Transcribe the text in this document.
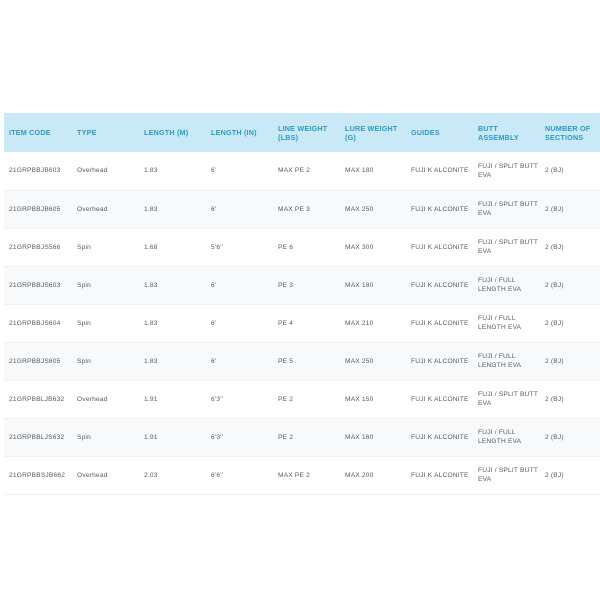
ITEM CODE	TYPE	LENGTH (M)	LENGTH (IN)	LINE WEIGHT (LBS)	LURE WEIGHT (G)	GUIDES	BUTT ASSEMBLY	NUMBER OF SECTIONS
21GRPBBJB603	Overhead	1.83	6'	MAX PE 2	MAX 180	FUJI K ALCONITE	FUJI / SPLIT BUTT EVA	2 (BJ)
21GRPBBJB605	Overhead	1.83	6'	MAX PE 3	MAX 250	FUJI K ALCONITE	FUJI / SPLIT BUTT EVA	2 (BJ)
21GRPBBJS566	Spin	1.68	5'6''	PE 6	MAX 300	FUJI K ALCONITE	FUJI / SPLIT BUTT EVA	2 (BJ)
21GRPBBJS603	Spin	1.83	6'	PE 3	MAX 180	FUJI K ALCONITE	FUJI / FULL LENGTH EVA	2 (BJ)
21GRPBBJS604	Spin	1.83	6'	PE 4	MAX 210	FUJI K ALCONITE	FUJI / FULL LENGTH EVA	2 (BJ)
21GRPBBJS605	Spin	1.83	6'	PE 5	MAX 250	FUJI K ALCONITE	FUJI / FULL LENGTH EVA	2 (BJ)
21GRPBBLJB632	Overhead	1.91	6'3''	PE 2	MAX 150	FUJI K ALCONITE	FUJI / SPLIT BUTT EVA	2 (BJ)
21GRPBBLJS632	Spin	1.91	6'3''	PE 2	MAX 160	FUJI K ALCONITE	FUJI / FULL LENGTH EVA	2 (BJ)
21GRPBBSJB662	Overhead	2.03	6'6''	MAX PE 2	MAX 200	FUJI K ALCONITE	FUJI / SPLIT BUTT EVA	2 (BJ)
